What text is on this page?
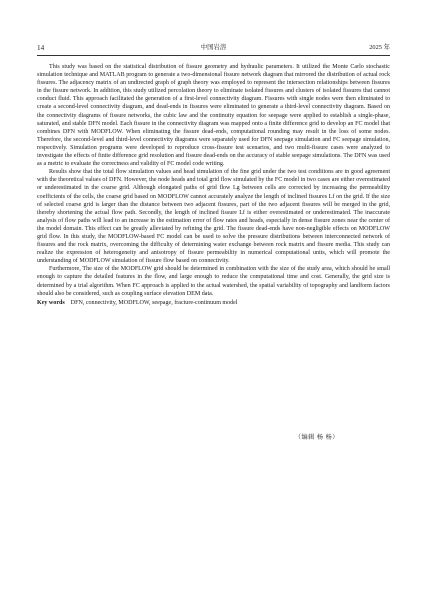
14	中国岩溶	2025 年

This study was based on the statistical distribution of fissure geometry and hydraulic parameters. It utilized the Monte Carlo stochastic simulation technique and MATLAB program to generate a two-dimensional fissure network diagram that mirrored the distribution of actual rock fissures. The adjacency matrix of an undirected graph of graph theory was employed to represent the intersection relationships between fissures in the fissure network. In addition, this study utilized percolation theory to eliminate isolated fissures and clusters of isolated fissures that cannot conduct fluid. This approach facilitated the generation of a first-level connectivity diagram. Fissures with single nodes were then eliminated to create a second-level connectivity diagram, and dead-ends in fissures were eliminated to generate a third-level connectivity diagram. Based on the connectivity diagrams of fissure networks, the cubic law and the continuity equation for seepage were applied to establish a single-phase, saturated, and stable DFN model. Each fissure in the connectivity diagram was mapped onto a finite difference grid to develop an FC model that combines DFN with MODFLOW. When eliminating the fissure dead-ends, computational rounding may result in the loss of some nodes. Therefore, the second-level and third-level connectivity diagrams were separately used for DFN seepage simulation and FC seepage simulation, respectively. Simulation programs were developed to reproduce cross-fissure test scenarios, and two multi-fissure cases were analyzed to investigate the effects of finite difference grid resolution and fissure dead-ends on the accuracy of stable seepage simulations. The DFN was used as a metric to evaluate the correctness and validity of FC model code writing.

Results show that the total flow simulation values and head simulation of the fine grid under the two test conditions are in good agreement with the theoretical values of DFN. However, the node heads and total grid flow simulated by the FC model in two cases are either overestimated or underestimated in the coarse grid. Although elongated paths of grid flow Lg between cells are corrected by increasing the permeability coefficients of the cells, the coarse grid based on MODFLOW cannot accurately analyze the length of inclined fissures Lf on the grid. If the size of selected coarse grid is larger than the distance between two adjacent fissures, part of the two adjacent fissures will be merged in the grid, thereby shortening the actual flow path. Secondly, the length of inclined fissure Lf is either overestimated or underestimated. The inaccurate analysis of flow paths will lead to an increase in the estimation error of flow rates and heads, especially in dense fissure zones near the center of the model domain. This effect can be greatly alleviated by refining the grid. The fissure dead-ends have non-negligible effects on MODFLOW grid flow. In this study, the MODFLOW-based FC model can be used to solve the pressure distributions between interconnected network of fissures and the rock matrix, overcoming the difficulty of determining water exchange between rock matrix and fissure media. This study can realize the expression of heterogeneity and anisotropy of fissure permeability in numerical computational units, which will promote the understanding of MODFLOW simulation of fissure flow based on connectivity.

Furthermore, The size of the MODFLOW grid should be determined in combination with the size of the study area, which should be small enough to capture the detailed features in the flow, and large enough to reduce the computational time and cost. Generally, the grid size is determined by a trial algorithm. When FC approach is applied to the actual watershed, the spatial variability of topography and landform factors should also be considered, such as coupling surface elevation DEM data.

Key words DFN, connectivity, MODFLOW, seepage, fracture-continuum model
（编辑 杨 杨）
